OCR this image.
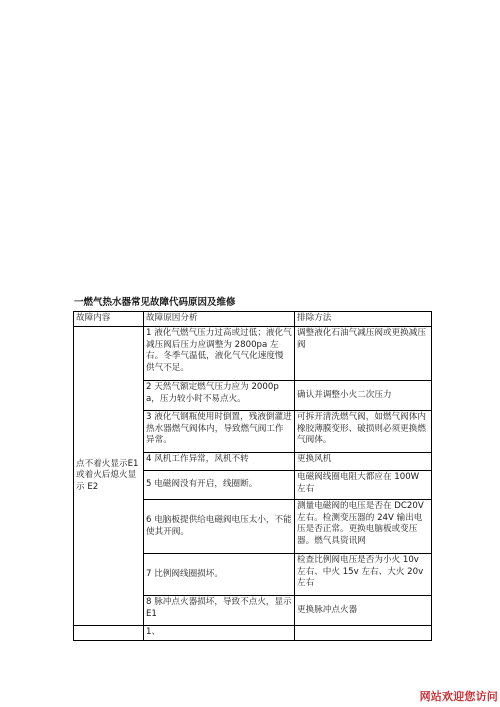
一燃气热水器常见故障代码原因及维修
故障内容	故障原因分析	排除方法
点不着火显示E1 或着火后熄火显示 E2	1 液化气燃气压力过高或过低；液化气减压阀后压力应调整为 2800pa 左右。冬季气温低，液化气气化速度慢供气不足。	调整液化石油气减压阀或更换减压阀
	2 天然气额定燃气压力应为 2000pa，压力较小时不易点火。	确认并调整小火二次压力
	3 液化气钢瓶使用时倒置，残液倒灌进热水器燃气阀体内，导致燃气阀工作异常。	可拆开清洗燃气阀，如燃气阀体内橡胶薄膜变形、破损则必须更换燃气阀体。
	4 风机工作异常，风机不转	更换风机
	5 电磁阀没有开启，线圈断。	电磁阀线圈电阻大都应在 100W 左右
	6 电脑板提供给电磁阀电压太小，不能使其开阀。	测量电磁阀的电压是否在 DC20V 左右。检测变压器的 24V 输出电压是否正常。更换电脑板或变压器。燃气具资讯网
	7 比例阀线圈损坏。	检查比例阀电压是否为小火 10v 左右、中火 15v 左右、大火 20v 左右
	8 脉冲点火器损坏，导致不点火，显示 E1	更换脉冲点火器
	1、	
网站欢迎您访问
